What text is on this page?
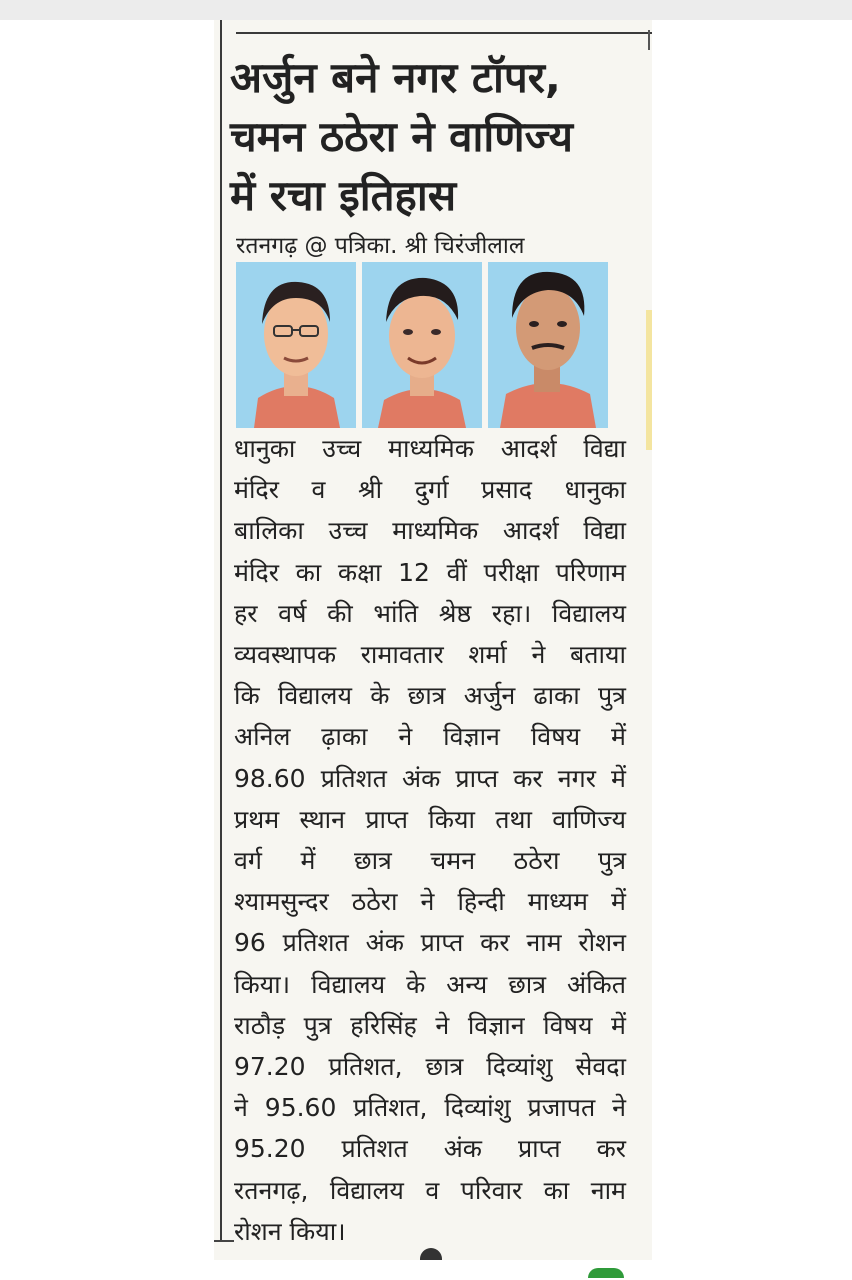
अर्जुन बने नगर टॉपर,
चमन ठठेरा ने वाणिज्य
में रचा इतिहास

रतनगढ़ @ पत्रिका. श्री चिरंजीलाल

धानुका उच्च माध्यमिक आदर्श विद्या
मंदिर व श्री दुर्गा प्रसाद धानुका
बालिका उच्च माध्यमिक आदर्श विद्या
मंदिर का कक्षा 12 वीं परीक्षा परिणाम
हर वर्ष की भांति श्रेष्ठ रहा। विद्यालय
व्यवस्थापक रामावतार शर्मा ने बताया
कि विद्यालय के छात्र अर्जुन ढाका पुत्र
अनिल ढ़ाका ने विज्ञान विषय में
98.60 प्रतिशत अंक प्राप्त कर नगर में
प्रथम स्थान प्राप्त किया तथा वाणिज्य
वर्ग में छात्र चमन ठठेरा पुत्र
श्यामसुन्दर ठठेरा ने हिन्दी माध्यम में
96 प्रतिशत अंक प्राप्त कर नाम रोशन
किया। विद्यालय के अन्य छात्र अंकित
राठौड़ पुत्र हरिसिंह ने विज्ञान विषय में
97.20 प्रतिशत, छात्र दिव्यांशु सेवदा
ने 95.60 प्रतिशत, दिव्यांशु प्रजापत ने
95.20 प्रतिशत अंक प्राप्त कर
रतनगढ़, विद्यालय व परिवार का नाम
रोशन किया।
